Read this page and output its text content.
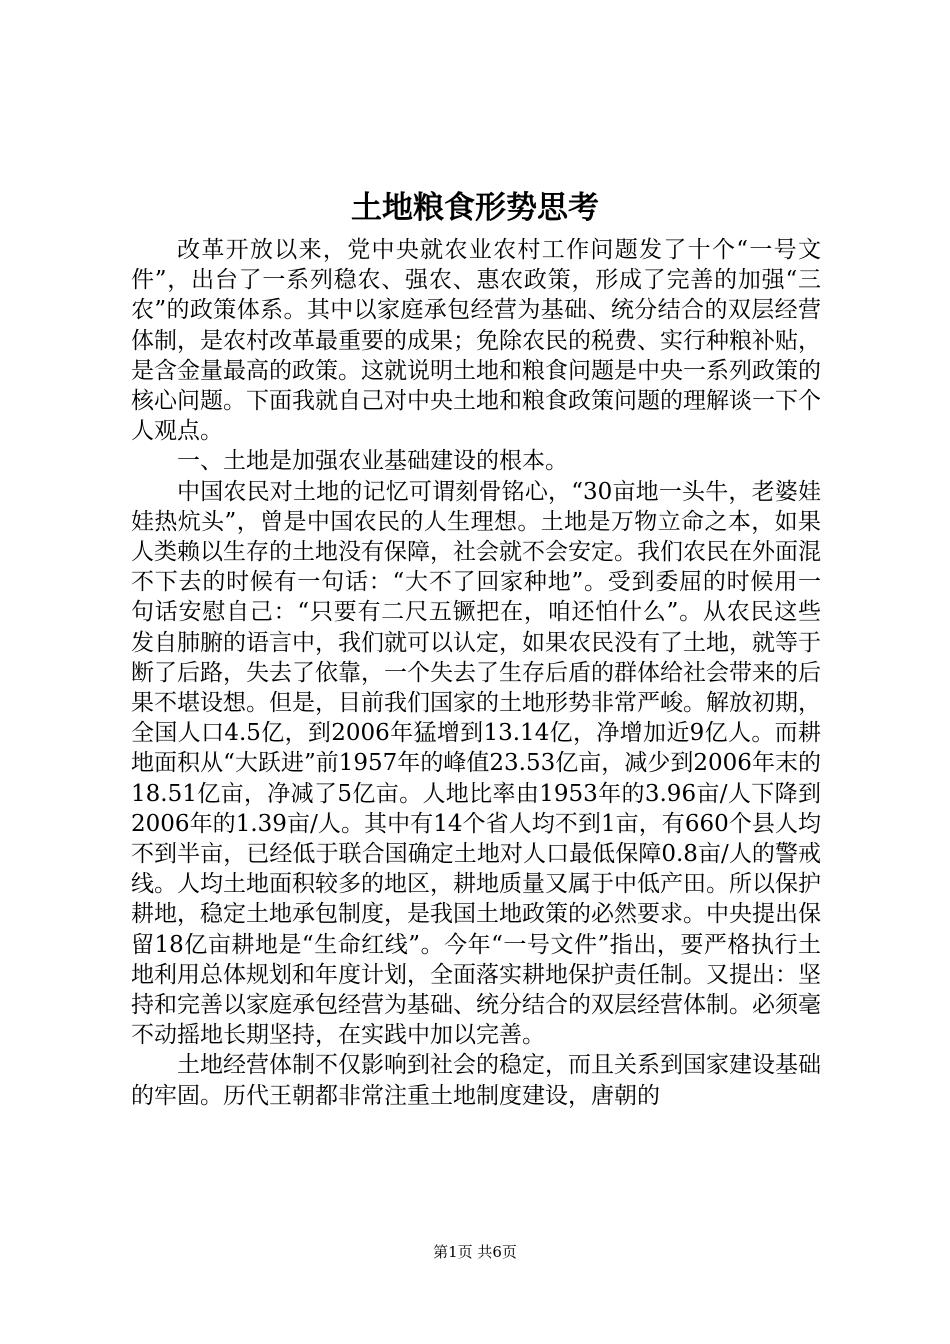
土地粮食形势思考

改革开放以来，党中央就农业农村工作问题发了十个“一号文件”，出台了一系列稳农、强农、惠农政策，形成了完善的加强“三农”的政策体系。其中以家庭承包经营为基础、统分结合的双层经营体制，是农村改革最重要的成果；免除农民的税费、实行种粮补贴，是含金量最高的政策。这就说明土地和粮食问题是中央一系列政策的核心问题。下面我就自己对中央土地和粮食政策问题的理解谈一下个人观点。

一、土地是加强农业基础建设的根本。

中国农民对土地的记忆可谓刻骨铭心，“30亩地一头牛，老婆娃娃热炕头”，曾是中国农民的人生理想。土地是万物立命之本，如果人类赖以生存的土地没有保障，社会就不会安定。我们农民在外面混不下去的时候有一句话：“大不了回家种地”。受到委屈的时候用一句话安慰自己：“只要有二尺五镢把在，咱还怕什么”。从农民这些发自肺腑的语言中，我们就可以认定，如果农民没有了土地，就等于断了后路，失去了依靠，一个失去了生存后盾的群体给社会带来的后果不堪设想。但是，目前我们国家的土地形势非常严峻。解放初期，全国人口4.5亿，到2006年猛增到13.14亿，净增加近9亿人。而耕地面积从“大跃进”前1957年的峰值23.53亿亩，减少到2006年末的18.51亿亩，净减了5亿亩。人地比率由1953年的3.96亩/人下降到2006年的1.39亩/人。其中有14个省人均不到1亩，有660个县人均不到半亩，已经低于联合国确定土地对人口最低保障0.8亩/人的警戒线。人均土地面积较多的地区，耕地质量又属于中低产田。所以保护耕地，稳定土地承包制度，是我国土地政策的必然要求。中央提出保留18亿亩耕地是“生命红线”。今年“一号文件”指出，要严格执行土地利用总体规划和年度计划，全面落实耕地保护责任制。又提出：坚持和完善以家庭承包经营为基础、统分结合的双层经营体制。必须毫不动摇地长期坚持，在实践中加以完善。

土地经营体制不仅影响到社会的稳定，而且关系到国家建设基础的牢固。历代王朝都非常注重土地制度建设，唐朝的

第1页 共6页
